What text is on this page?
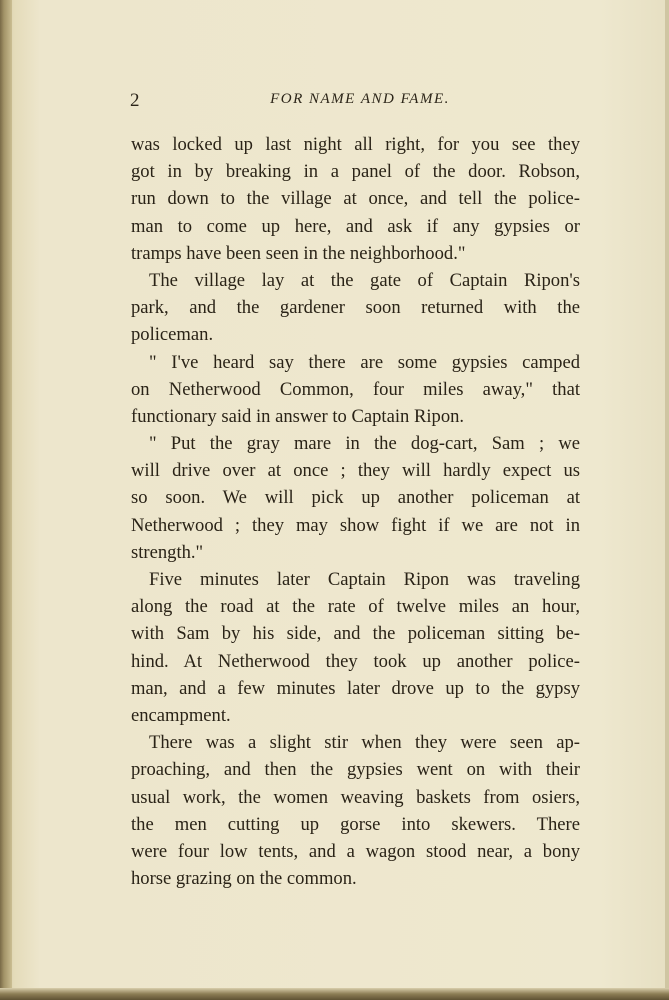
2	FOR NAME AND FAME.
was locked up last night all right, for you see they
got in by breaking in a panel of the door. Robson,
run down to the village at once, and tell the police-
man to come up here, and ask if any gypsies or
tramps have been seen in the neighborhood."
The village lay at the gate of Captain Ripon's
park, and the gardener soon returned with the
policeman.
" I've heard say there are some gypsies camped
on Netherwood Common, four miles away," that
functionary said in answer to Captain Ripon.
" Put the gray mare in the dog-cart, Sam ; we
will drive over at once ; they will hardly expect us
so soon. We will pick up another policeman at
Netherwood ; they may show fight if we are not in
strength."
Five minutes later Captain Ripon was traveling
along the road at the rate of twelve miles an hour,
with Sam by his side, and the policeman sitting be-
hind. At Netherwood they took up another police-
man, and a few minutes later drove up to the gypsy
encampment.
There was a slight stir when they were seen ap-
proaching, and then the gypsies went on with their
usual work, the women weaving baskets from osiers,
the men cutting up gorse into skewers. There
were four low tents, and a wagon stood near, a bony
horse grazing on the common.
